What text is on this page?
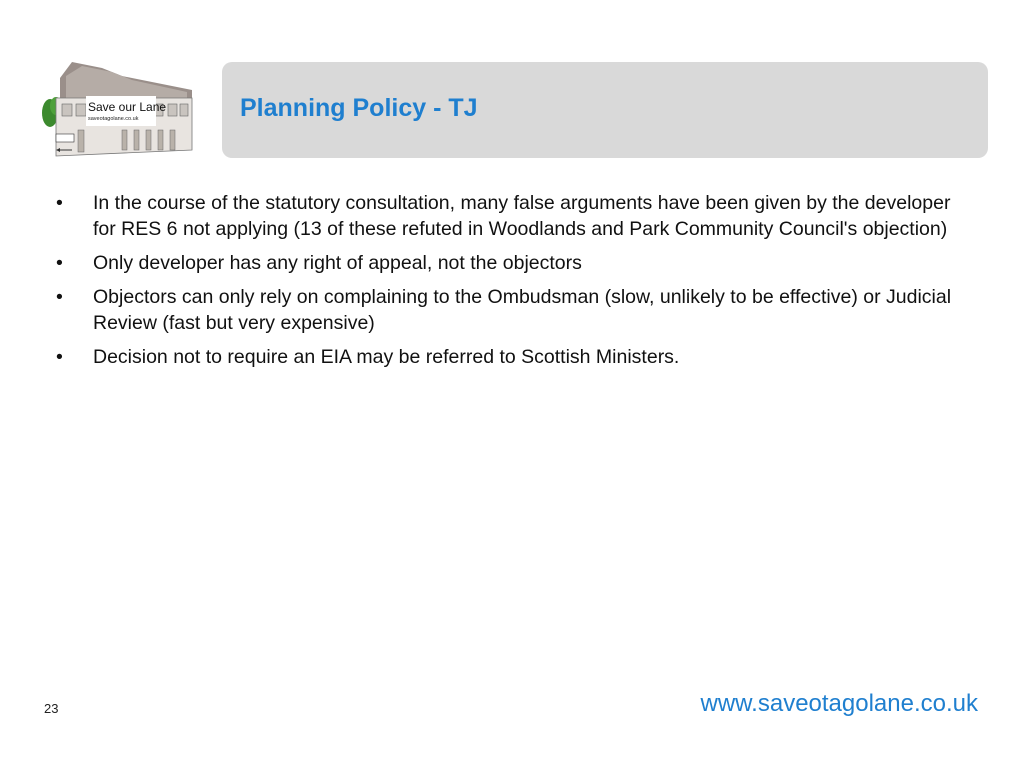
Save our Lane
saveotagolane.co.uk	Planning Policy - TJ
• In the course of the statutory consultation, many false arguments have been given by the developer for RES 6 not applying (13 of these refuted in Woodlands and Park Community Council's objection)
• Only developer has any right of appeal, not the objectors
• Objectors can only rely on complaining to the Ombudsman (slow, unlikely to be effective) or Judicial Review (fast but very expensive)
• Decision not to require an EIA may be referred to Scottish Ministers.
23	www.saveotagolane.co.uk
